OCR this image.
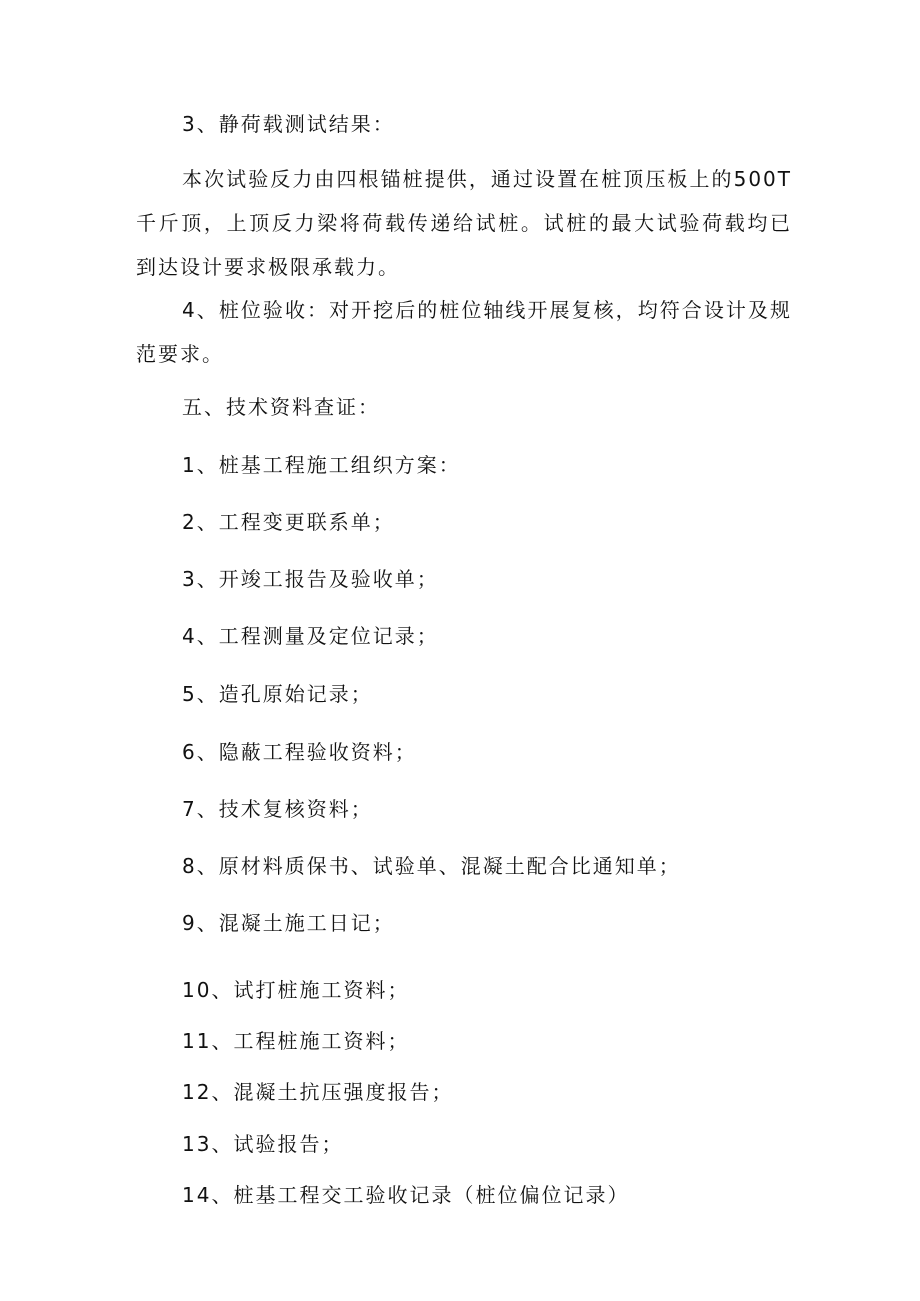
3、静荷载测试结果：
本次试验反力由四根锚桩提供，通过设置在桩顶压板上的500T千斤顶，上顶反力梁将荷载传递给试桩。试桩的最大试验荷载均已到达设计要求极限承载力。
4、桩位验收：对开挖后的桩位轴线开展复核，均符合设计及规范要求。
五、技术资料查证：
1、桩基工程施工组织方案：
2、工程变更联系单；
3、开竣工报告及验收单；
4、工程测量及定位记录；
5、造孔原始记录；
6、隐蔽工程验收资料；
7、技术复核资料；
8、原材料质保书、试验单、混凝土配合比通知单；
9、混凝土施工日记；
10、试打桩施工资料；
11、工程桩施工资料；
12、混凝土抗压强度报告；
13、试验报告；
14、桩基工程交工验收记录（桩位偏位记录）
